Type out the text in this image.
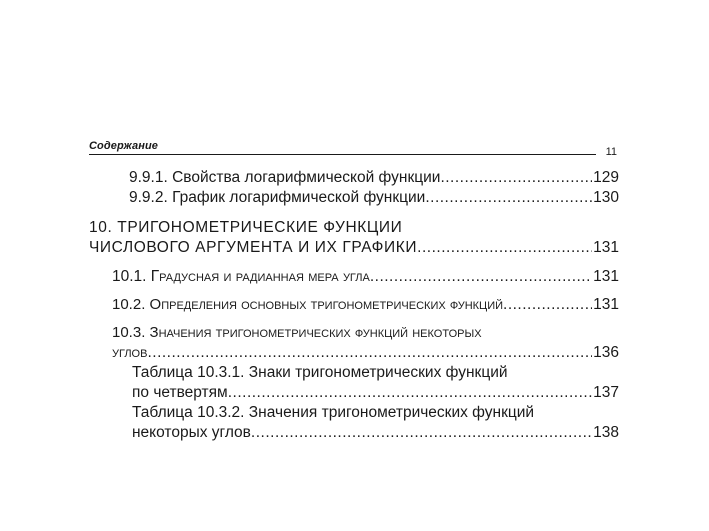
Содержание	11
9.9.1. Свойства логарифмической функции .....	129
9.9.2. График логарифмической функции .....	130
10. ТРИГОНОМЕТРИЧЕСКИЕ ФУНКЦИИ
ЧИСЛОВОГО АРГУМЕНТА И ИХ ГРАФИКИ .....	131
10.1. Градусная и радианная мера угла .....	131
10.2. Определения основных тригонометрических функций .....	131
10.3. Значения тригонометрических функций некоторых
углов .....	136
Таблица 10.3.1. Знаки тригонометрических функций
по четвертям .....	137
Таблица 10.3.2. Значения тригонометрических функций
некоторых углов .....	138
